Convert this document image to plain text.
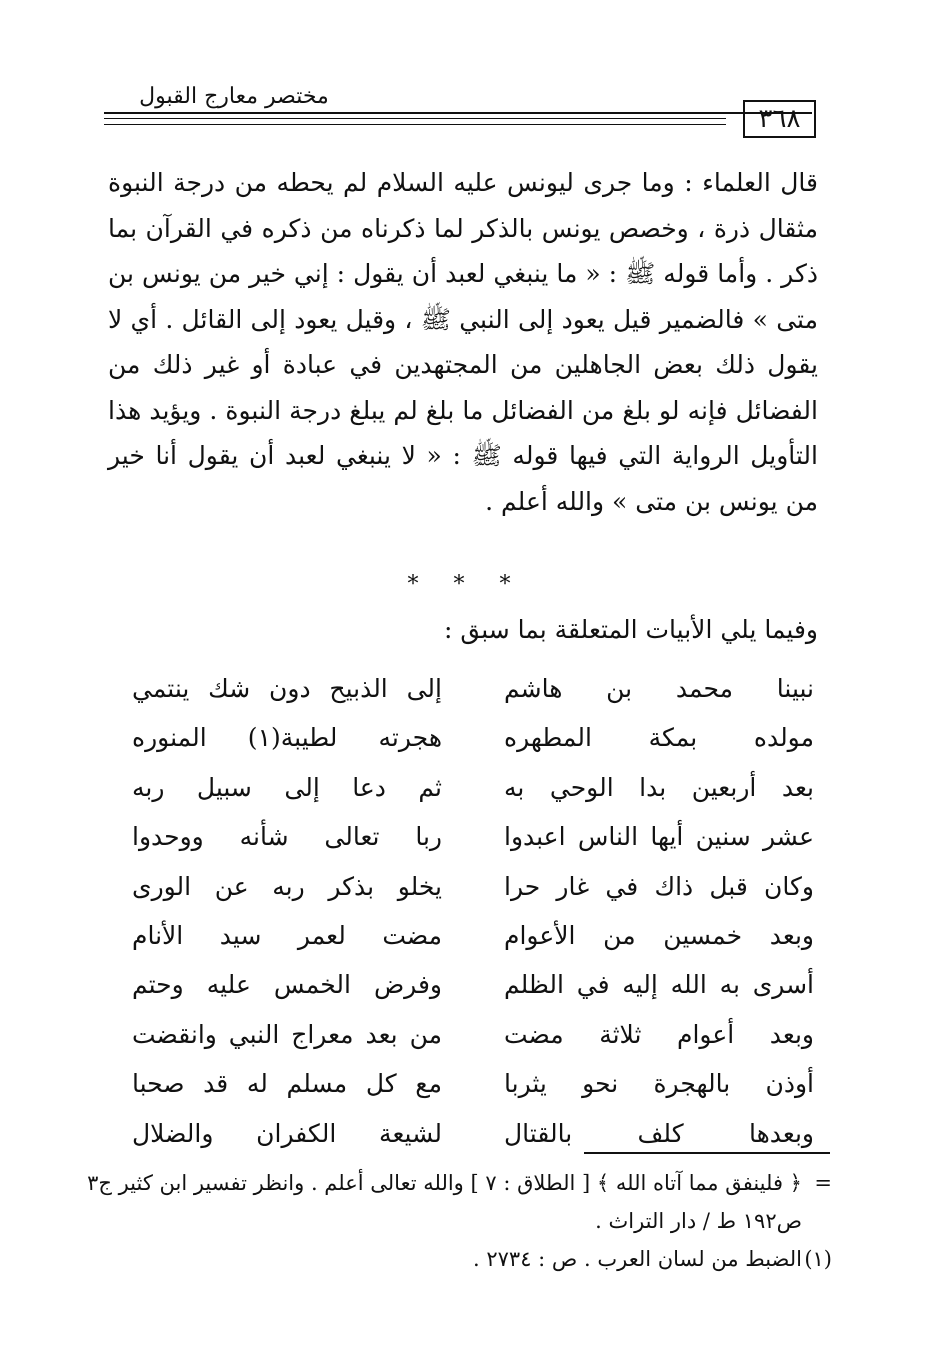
٣٦٨
مختصر معارج القبول

قال العلماء : وما جرى ليونس عليه السلام لم يحطه من درجة النبوة مثقال ذرة ، وخصص يونس بالذكر لما ذكرناه من ذكره في القرآن بما ذكر . وأما قوله ﷺ : « ما ينبغي لعبد أن يقول : إني خير من يونس بن متى » فالضمير قيل يعود إلى النبي ﷺ ، وقيل يعود إلى القائل . أي لا يقول ذلك بعض الجاهلين من المجتهدين في عبادة أو غير ذلك من الفضائل فإنه لو بلغ من الفضائل ما بلغ لم يبلغ درجة النبوة . ويؤيد هذا التأويل الرواية التي فيها قوله ﷺ : « لا ينبغي لعبد أن يقول أنا خير من يونس بن متى » والله أعلم .

* * *
وفيما يلي الأبيات المتعلقة بما سبق :
نبينا محمد بن هاشم
إلى الذبيح دون شك ينتمي
مولده بمكة المطهره
هجرته لطيبة(١) المنوره
بعد أربعين بدا الوحي به
ثم دعا إلى سبيل ربه
عشر سنين أيها الناس اعبدوا
ربا تعالى شأنه ووحدوا
وكان قبل ذاك في غار حرا
يخلو بذكر ربه عن الورى
وبعد خمسين من الأعوام
مضت لعمر سيد الأنام
أسرى به الله إليه في الظلم
وفرض الخمس عليه وحتم
وبعد أعوام ثلاثة مضت
من بعد معراج النبي وانقضت
أوذن بالهجرة نحو يثربا
مع كل مسلم له قد صحبا
وبعدها كلف بالقتال
لشيعة الكفران والضلال
=﴿ فلينفق مما آتاه الله ﴾ [ الطلاق : ٧ ] والله تعالى أعلم . وانظر تفسير ابن كثير ج٣
ص١٩٢ ط / دار التراث .
(١)الضبط من لسان العرب . ص : ٢٧٣٤ .
